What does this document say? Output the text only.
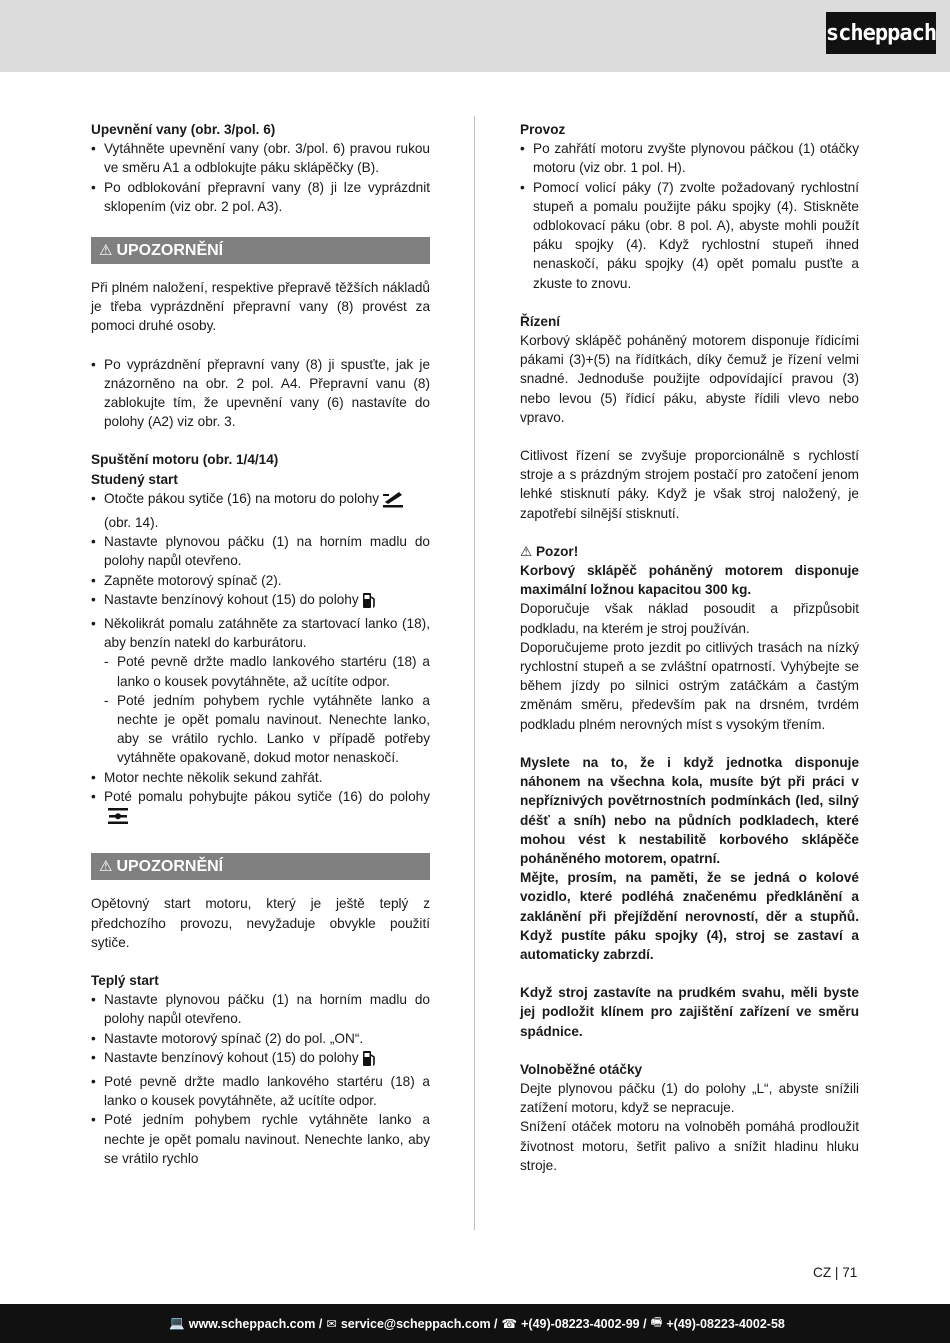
scheppach
Upevnění vany (obr. 3/pol. 6)
• Vytáhněte upevnění vany (obr. 3/pol. 6) pravou rukou ve směru A1 a odblokujte páku sklápěčky (B).
• Po odblokování přepravní vany (8) ji lze vyprázdnit sklopením (viz obr. 2 pol. A3).
⚠ UPOZORNĚNÍ

Při plném naložení, respektive přepravě těžších nákladů je třeba vyprázdnění přepravní vany (8) provést za pomoci druhé osoby.

• Po vyprázdnění přepravní vany (8) ji spusťte, jak je znázorněno na obr. 2 pol. A4. Přepravní vanu (8) zablokujte tím, že upevnění vany (6) nastavíte do polohy (A2) viz obr. 3.
Spuštění motoru (obr. 1/4/14)
Studený start
• Otočte pákou sytiče (16) na motoru do polohy
(obr. 14).
• Nastavte plynovou páčku (1) na horním madlu do polohy napůl otevřeno.
• Zapněte motorový spínač (2).
• Nastavte benzínový kohout (15) do polohy
• Několikrát pomalu zatáhněte za startovací lanko (18), aby benzín natekl do karburátoru.
- Poté pevně držte madlo lankového startéru (18) a lanko o kousek povytáhněte, až ucítíte odpor.
- Poté jedním pohybem rychle vytáhněte lanko a nechte je opět pomalu navinout. Nenechte lanko, aby se vrátilo rychlo. Lanko v případě potřeby vytáhněte opakovaně, dokud motor nenaskočí.
• Motor nechte několik sekund zahřát.
• Poté pomalu pohybujte pákou sytiče (16) do polohy
⚠ UPOZORNĚNÍ

Opětovný start motoru, který je ještě teplý z předchozího provozu, nevyžaduje obvykle použití sytiče.

Teplý start
• Nastavte plynovou páčku (1) na horním madlu do polohy napůl otevřeno.
• Nastavte motorový spínač (2) do pol. „ON“.
• Nastavte benzínový kohout (15) do polohy
• Poté pevně držte madlo lankového startéru (18) a lanko o kousek povytáhněte, až ucítíte odpor.
• Poté jedním pohybem rychle vytáhněte lanko a nechte je opět pomalu navinout. Nenechte lanko, aby se vrátilo rychlo
Provoz
• Po zahřátí motoru zvyšte plynovou páčkou (1) otáčky motoru (viz obr. 1 pol. H).
• Pomocí volicí páky (7) zvolte požadovaný rychlostní stupeň a pomalu použijte páku spojky (4). Stiskněte odblokovací páku (obr. 8 pol. A), abyste mohli použít páku spojky (4). Když rychlostní stupeň ihned nenaskočí, páku spojky (4) opět pomalu pusťte a zkuste to znovu.
Řízení

Korbový sklápěč poháněný motorem disponuje řídicími pákami (3)+(5) na řídítkách, díky čemuž je řízení velmi snadné. Jednoduše použijte odpovídající pravou (3) nebo levou (5) řídicí páku, abyste řídili vlevo nebo vpravo.

Citlivost řízení se zvyšuje proporcionálně s rychlostí stroje a s prázdným strojem postačí pro zatočení jenom lehké stisknutí páky. Když je však stroj naložený, je zapotřebí silnější stisknutí.

⚠ Pozor!

Korbový sklápěč poháněný motorem disponuje maximální ložnou kapacitou 300 kg.

Doporučuje však náklad posoudit a přizpůsobit podkladu, na kterém je stroj používán.

Doporučujeme proto jezdit po citlivých trasách na nízký rychlostní stupeň a se zvláštní opatrností. Vyhýbejte se během jízdy po silnici ostrým zatáčkám a častým změnám směru, především pak na drsném, tvrdém podkladu plném nerovných míst s vysokým třením.

Myslete na to, že i když jednotka disponuje náhonem na všechna kola, musíte být při práci v nepříznivých povětrnostních podmínkách (led, silný déšť a sníh) nebo na půdních podkladech, které mohou vést k nestabilitě korbového sklápěče poháněného motorem, opatrní.

Mějte, prosím, na paměti, že se jedná o kolové vozidlo, které podléhá značenému předklánění a zaklánění při přejíždění nerovností, děr a stupňů. Když pustíte páku spojky (4), stroj se zastaví a automaticky zabrzdí.

Když stroj zastavíte na prudkém svahu, měli byste jej podložit klínem pro zajištění zařízení ve směru spádnice.

Volnoběžné otáčky

Dejte plynovou páčku (1) do polohy „L“, abyste snížili zatížení motoru, když se nepracuje.

Snížení otáček motoru na volnoběh pomáhá prodloužit životnost motoru, šetřit palivo a snížit hladinu hluku stroje.

CZ | 71
💻 www.scheppach.com / ✉ service@scheppach.com / ☎ +(49)-08223-4002-99 / 🖷 +(49)-08223-4002-58
